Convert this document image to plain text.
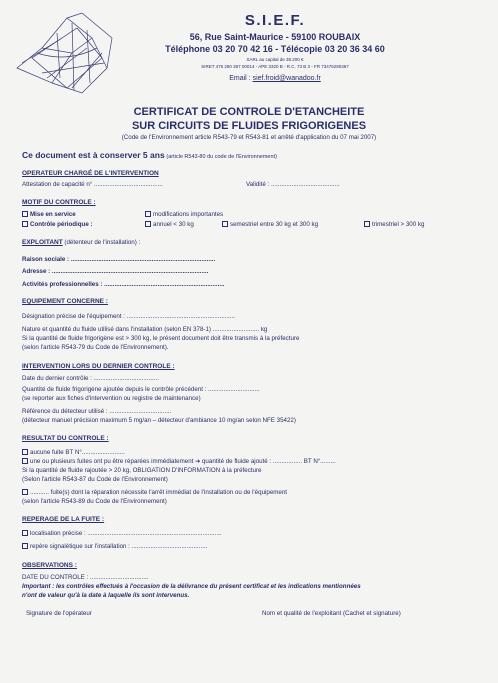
S.I.E.F.
56, Rue Saint-Maurice - 59100 ROUBAIX
Téléphone 03 20 70 42 16 - Télécopie 03 20 36 34 60
SARL au capital de 38.200 €
SIRET 476 280 367 00014 - APE 3320 B - R.C. 73 B 3 - FR 73476280367
Email : sief.froid@wanadoo.fr
CERTIFICAT DE CONTROLE D'ETANCHEITE
SUR CIRCUITS DE FLUIDES FRIGORIGENES
(Code de l'Environnement article R543-79 et R543-81 et arrêté d'application du 07 mai 2007)
Ce document est à conserver 5 ans (article R543-80 du code de l'Environnement)
OPERATEUR CHARGÉ DE L'INTERVENTION
Attestation de capacité n° ........................................	Validité : ........................................
MOTIF DU CONTROLE :
Mise en service	modifications importantes
Contrôle périodique :	annuel < 30 kg	semestriel entre 30 kg et 300 kg	trimestriel > 300 kg
EXPLOITANT (détenteur de l'installation) :
Raison sociale : ....................................................................................
Adresse : ...........................................................................................
Activités professionnelles : ......................................................................
EQUIPEMENT CONCERNE :
Désignation précise de l'équipement : ...............................................................
Nature et quantité du fluide utilisé dans l'installation (selon EN 378-1) ........................... kg
Si la quantité de fluide frigorigène est > 300 kg, le présent document doit être transmis à la préfecture
(selon l'article R543-79 du Code de l'Environnement).
INTERVENTION LORS DU DERNIER CONTROLE :
Date du dernier contrôle : ......................................
Quantité de fluide frigorigène ajoutée depuis le contrôle précédent : ..............................
(se reporter aux fiches d'intervention ou registre de maintenance)
Référence du détecteur utilisé : ....................................
(détecteur manuel précision maximum 5 mg/an – détecteur d'ambiance 10 mg/an selon NFE 35422)
RESULTAT DU CONTROLE :
aucune fuite BT N°.........................
une ou plusieurs fuites ont pu être réparées immédiatement ➔ quantité de fluide ajouté : ................. BT N°.........
Si la quantité de fluide rajoutée > 20 kg, OBLIGATION D'INFORMATION à la préfecture
(Selon l'article R543-87 du Code de l'Environnement)
........... fuite(s) dont la réparation nécessite l'arrêt immédiat de l'installation ou de l'équipement
(selon l'article R543-89 du Code de l'Environnement)
REPERAGE DE LA FUITE :
localisation précise : ..............................................................................
repère signalétique sur l'installation : ............................................
OBSERVATIONS :
DATE DU CONTROLE : ..................................
Important : les contrôles effectués à l'occasion de la délivrance du présent certificat et les indications mentionnées
n'ont de valeur qu'à la date à laquelle ils sont intervenus.
Signature de l'opérateur	Nom et qualité de l'exploitant (Cachet et signature)
